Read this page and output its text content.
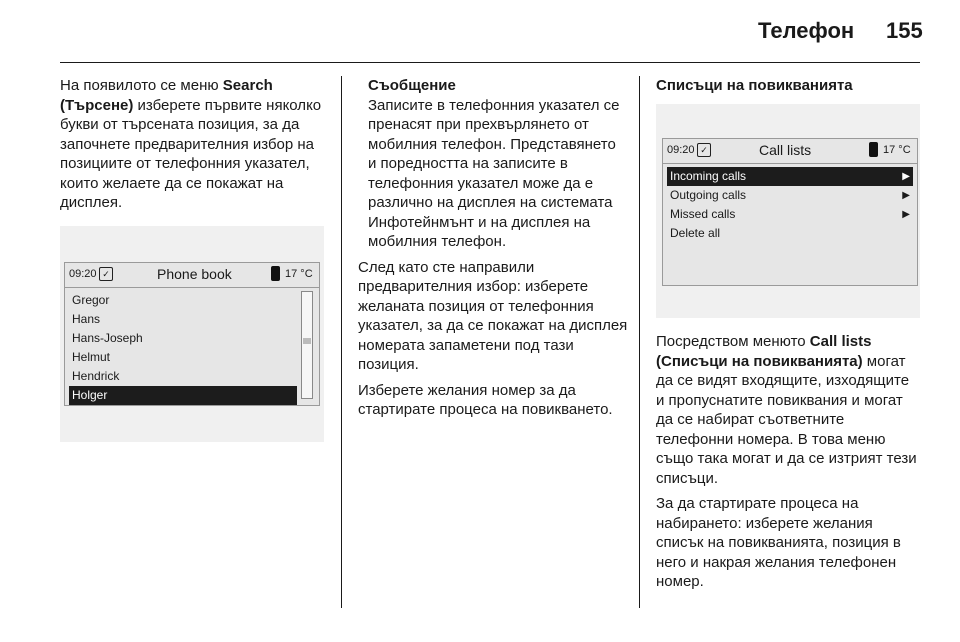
Телефон 155

На появилото се меню Search (Търсене) изберете първите няколко букви от търсената позиция, за да започнете предварителния избор на позициите от телефонния указател, които желаете да се покажат на дисплея.

09:20 ✓	Phone book	17 °C
Gregor
Hans
Hans-Joseph
Helmut
Hendrick
Holger

Съобщение
Записите в телефонния указател се пренасят при прехвърлянето от мобилния телефон. Представянето и поредността на записите в телефонния указател може да е различно на дисплея на системата Инфотейнмънт и на дисплея на мобилния телефон.

След като сте направили предварителния избор: изберете желаната позиция от телефонния указател, за да се покажат на дисплея номерата запаметени под тази позиция.

Изберете желания номер за да стартирате процеса на повикването.

Списъци на повикванията

09:20 ✓	Call lists	17 °C
Incoming calls	▶
Outgoing calls	▶
Missed calls	▶
Delete all

Посредством менюто Call lists (Списъци на повикванията) могат да се видят входящите, изходящите и пропуснатите повиквания и могат да се набират съответните телефонни номера. В това меню също така могат и да се изтрият тези списъци.

За да стартирате процеса на набирането: изберете желания списък на повикванията, позиция в него и накрая желания телефонен номер.
